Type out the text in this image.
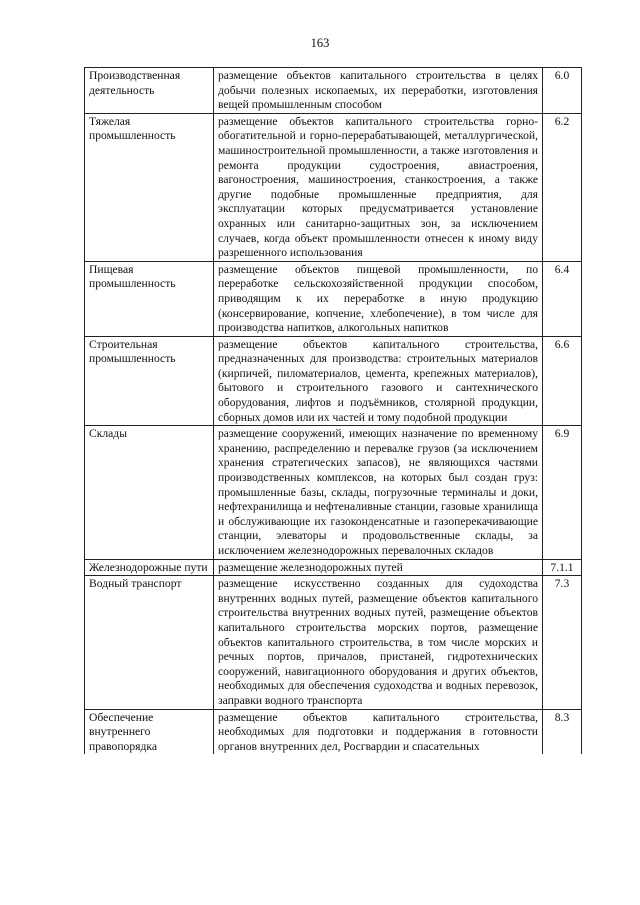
163
Производственная деятельность	размещение объектов капитального строительства в целях добычи полезных ископаемых, их переработки, изготовления вещей промышленным способом	6.0
Тяжелая промышленность	размещение объектов капитального строительства горно-обогатительной и горно-перерабатывающей, металлургической, машиностроительной промышленности, а также изготовления и ремонта продукции судостроения, авиастроения, вагоностроения, машиностроения, станкостроения, а также другие подобные промышленные предприятия, для эксплуатации которых предусматривается установление охранных или санитарно-защитных зон, за исключением случаев, когда объект промышленности отнесен к иному виду разрешенного использования	6.2
Пищевая промышленность	размещение объектов пищевой промышленности, по переработке сельскохозяйственной продукции способом, приводящим к их переработке в иную продукцию (консервирование, копчение, хлебопечение), в том числе для производства напитков, алкогольных напитков	6.4
Строительная промышленность	размещение объектов капитального строительства, предназначенных для производства: строительных материалов (кирпичей, пиломатериалов, цемента, крепежных материалов), бытового и строительного газового и сантехнического оборудования, лифтов и подъёмников, столярной продукции, сборных домов или их частей и тому подобной продукции	6.6
Склады	размещение сооружений, имеющих назначение по временному хранению, распределению и перевалке грузов (за исключением хранения стратегических запасов), не являющихся частями производственных комплексов, на которых был создан груз: промышленные базы, склады, погрузочные терминалы и доки, нефтехранилища и нефтеналивные станции, газовые хранилища и обслуживающие их газоконденсатные и газоперекачивающие станции, элеваторы и продовольственные склады, за исключением железнодорожных перевалочных складов	6.9
Железнодорожные пути	размещение железнодорожных путей	7.1.1
Водный транспорт	размещение искусственно созданных для судоходства внутренних водных путей, размещение объектов капитального строительства внутренних водных путей, размещение объектов капитального строительства морских портов, размещение объектов капитального строительства, в том числе морских и речных портов, причалов, пристаней, гидротехнических сооружений, навигационного оборудования и других объектов, необходимых для обеспечения судоходства и водных перевозок, заправки водного транспорта	7.3
Обеспечение внутреннего правопорядка	размещение объектов капитального строительства, необходимых для подготовки и поддержания в готовности органов внутренних дел, Росгвардии и спасательных	8.3
